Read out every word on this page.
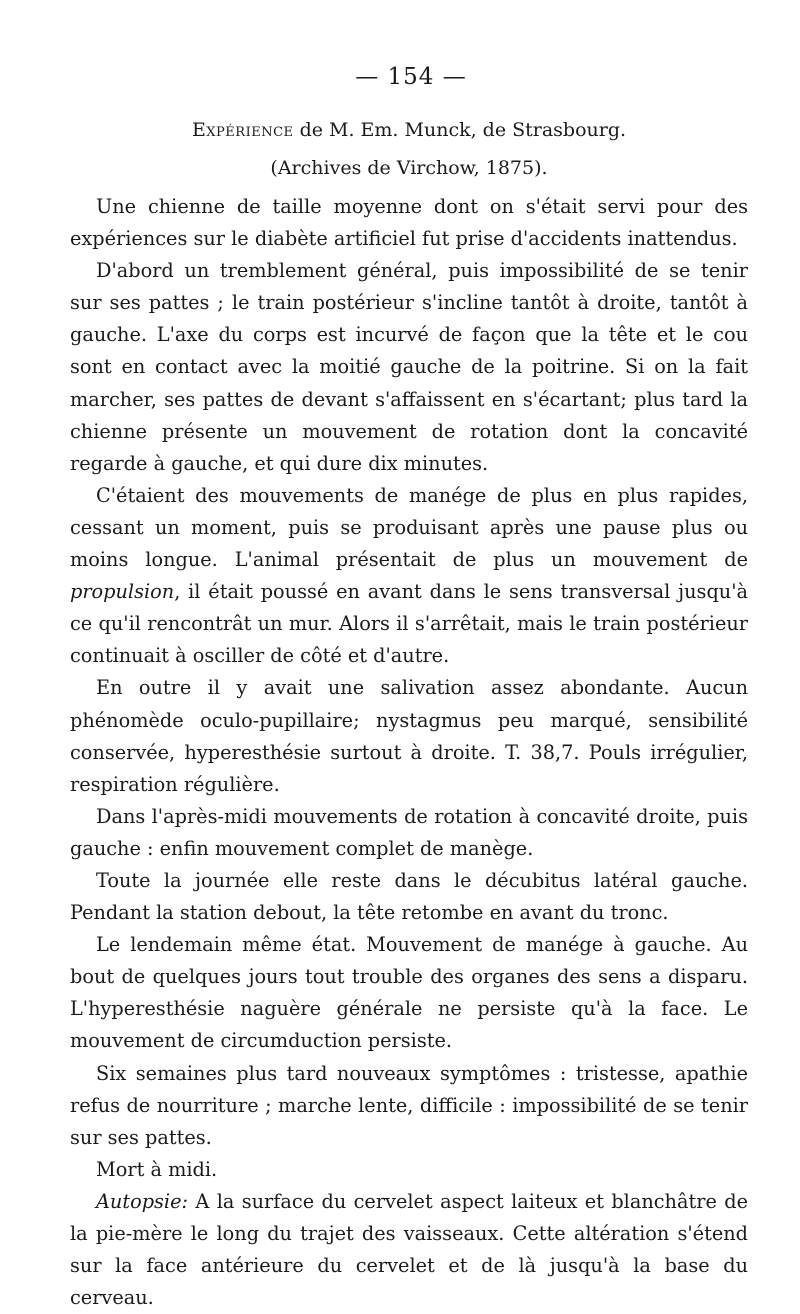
— 154 —
Expérience de M. Em. Munck, de Strasbourg.
(Archives de Virchow, 1875).

Une chienne de taille moyenne dont on s'était servi pour des expériences sur le diabète artificiel fut prise d'accidents inattendus.

D'abord un tremblement général, puis impossibilité de se tenir sur ses pattes ; le train postérieur s'incline tantôt à droite, tantôt à gauche. L'axe du corps est incurvé de façon que la tête et le cou sont en contact avec la moitié gauche de la poitrine. Si on la fait marcher, ses pattes de devant s'affaissent en s'écartant; plus tard la chienne présente un mouvement de rotation dont la concavité regarde à gauche, et qui dure dix minutes.

C'étaient des mouvements de manége de plus en plus rapides, cessant un moment, puis se produisant après une pause plus ou moins longue. L'animal présentait de plus un mouvement de propulsion, il était poussé en avant dans le sens transversal jusqu'à ce qu'il rencontrât un mur. Alors il s'arrêtait, mais le train postérieur continuait à osciller de côté et d'autre.

En outre il y avait une salivation assez abondante. Aucun phénomède oculo-pupillaire; nystagmus peu marqué, sensibilité conservée, hyperesthésie surtout à droite. T. 38,7. Pouls irrégulier, respiration régulière.

Dans l'après-midi mouvements de rotation à concavité droite, puis gauche : enfin mouvement complet de manège.

Toute la journée elle reste dans le décubitus latéral gauche. Pendant la station debout, la tête retombe en avant du tronc.

Le lendemain même état. Mouvement de manége à gauche. Au bout de quelques jours tout trouble des organes des sens a disparu. L'hyperesthésie naguère générale ne persiste qu'à la face. Le mouvement de circumduction persiste.

Six semaines plus tard nouveaux symptômes : tristesse, apathie refus de nourriture ; marche lente, difficile : impossibilité de se tenir sur ses pattes.

Mort à midi.

Autopsie: A la surface du cervelet aspect laiteux et blanchâtre de la pie-mère le long du trajet des vaisseaux. Cette altération s'étend sur la face antérieure du cervelet et de là jusqu'à la base du cerveau.
